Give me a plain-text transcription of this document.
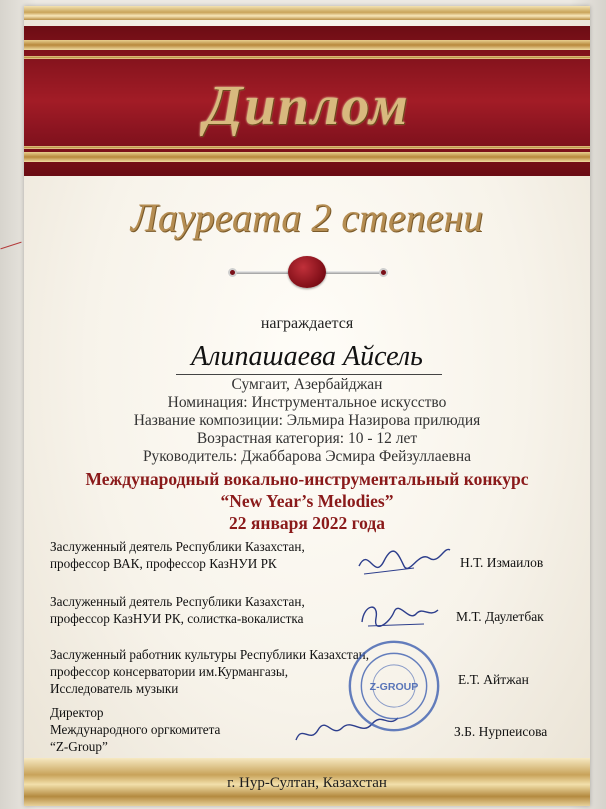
Диплом
Лауреата 2 степени
награждается
Алипашаева Айсель
Сумгаит, Азербайджан
Номинация: Инструментальное искусство
Название композиции: Эльмира Назирова прилюдия
Возрастная категория: 10 - 12 лет
Руководитель: Джаббарова Эсмира Фейзуллаевна
Международный вокально-инструментальный конкурс
“New Year’s Melodies”
22 января 2022 года
Заслуженный деятель Республики Казахстан,
профессор ВАК, профессор КазНУИ РК	Н.Т. Измаилов
Заслуженный деятель Республики Казахстан,
профессор КазНУИ РК, солистка-вокалистка	М.Т. Даулетбак
Заслуженный работник культуры Республики Казахстан,
профессор консерватории им.Курмангазы,
Исследователь музыки
Е.Т. Айтжан
Директор
Международного оргкомитета
“Z-Group”
З.Б. Нурпеисова
Z-GROUP
г. Нур-Султан, Казахстан
